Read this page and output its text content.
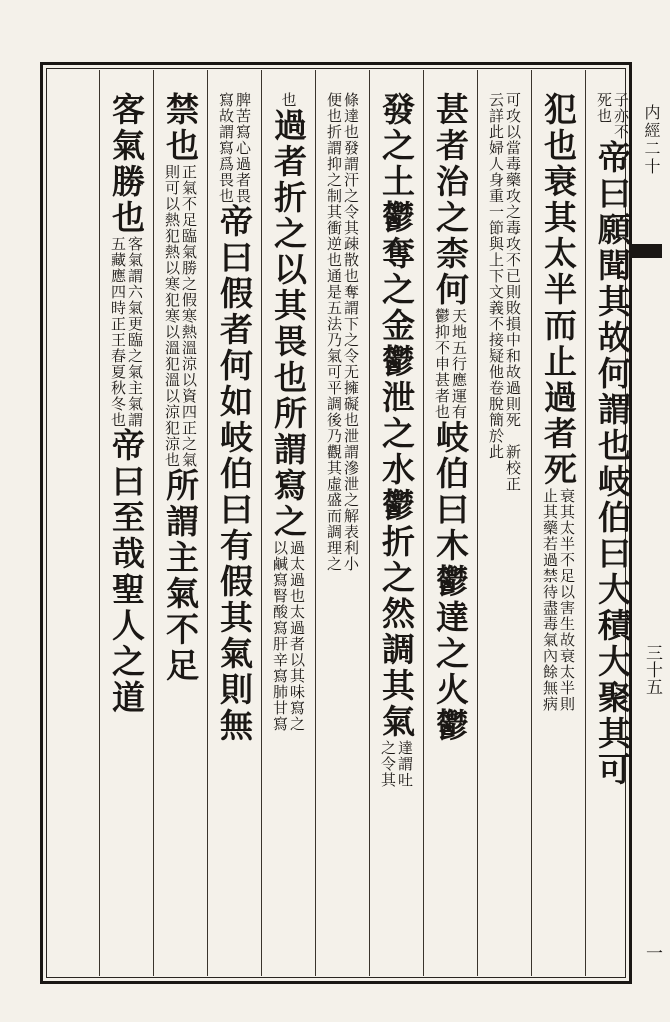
内經二十
三十五
一
子亦不
死也
帝曰願聞其故何謂也岐伯曰大積大聚其可
犯也衰其太半而止過者死
衰其太半不足以害生故衰太半則
止其藥若過禁待盡毒氣內餘無病
可攻以當毒藥攻之毒攻不已則敗損中和故過則死　新校正
云詳此婦人身重一節與上下文義不接疑他卷脫簡於此
甚者治之柰何
天地五行應運有
鬱抑不申甚者也
岐伯曰木鬱達之火鬱
發之土鬱奪之金鬱泄之水鬱折之然調其氣
達謂吐
之令其
條達也發謂汗之令其疎散也奪謂下之令无擁礙也泄謂滲泄之解表利小
便也折謂抑之制其衝逆也通是五法乃氣可平調後乃觀其虛盛而調理之
也
過者折之以其畏也所謂寫之
過太過也太過者以其味寫之
以鹹寫腎酸寫肝辛寫肺甘寫
脾苦寫心過者畏
寫故謂寫爲畏也
帝曰假者何如岐伯曰有假其氣則無
禁也
正氣不足臨氣勝之假寒熱溫涼以資四正之氣
則可以熱犯熱以寒犯寒以溫犯溫以涼犯涼也
所謂主氣不足
客氣勝也
客氣謂六氣更臨之氣主氣謂
五藏應四時正王春夏秋冬也
帝曰至哉聖人之道
